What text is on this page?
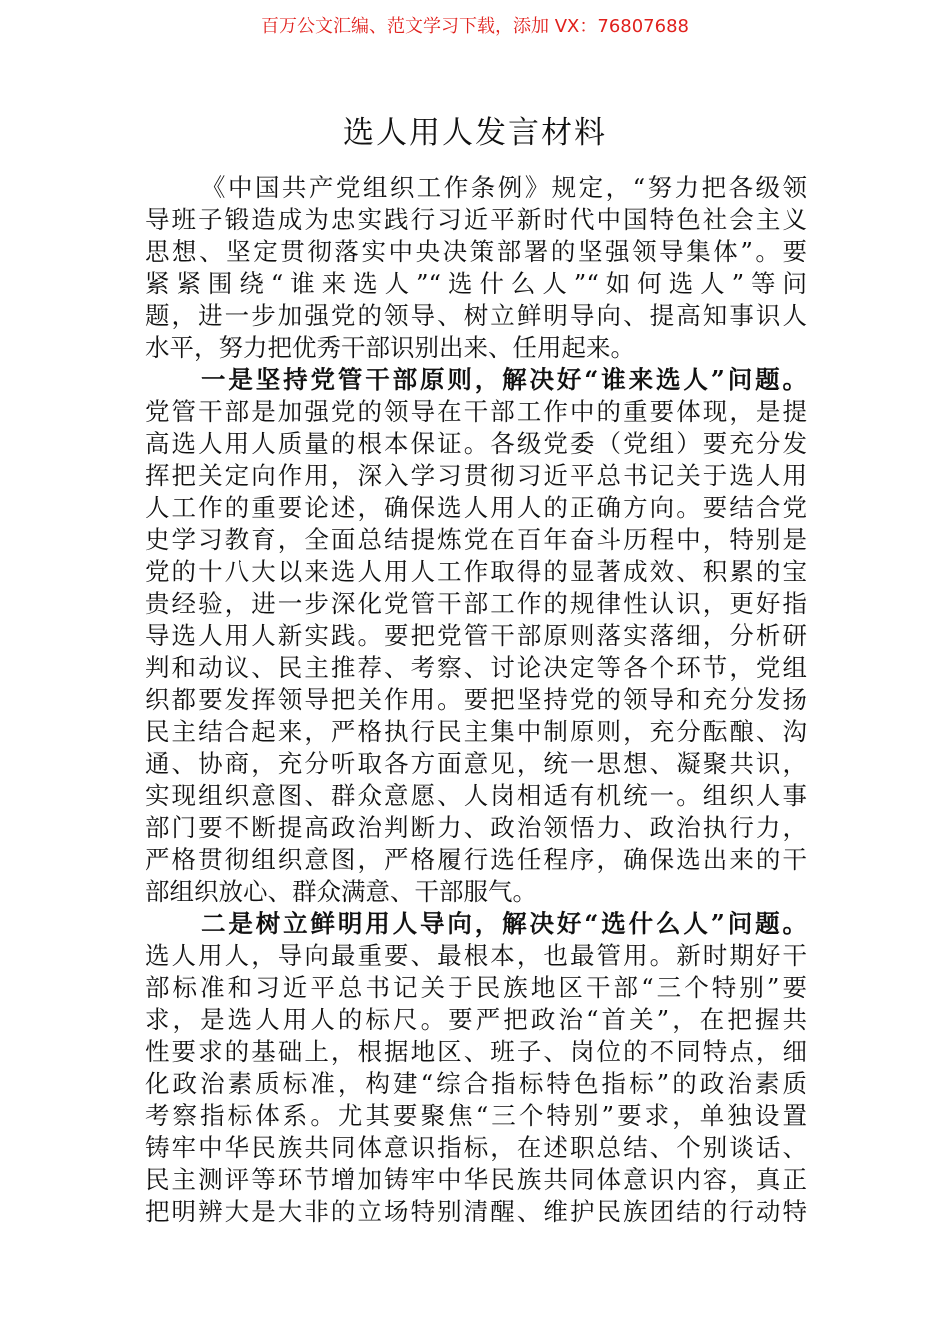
百万公文汇编、范文学习下载，添加 VX：76807688
选人用人发言材料
《中国共产党组织工作条例》规定，“努力把各级领
导班子锻造成为忠实践行习近平新时代中国特色社会主义
思想、坚定贯彻落实中央决策部署的坚强领导集体”。要
紧紧围绕“谁来选人”“选什么人”“如何选人”等问
题，进一步加强党的领导、树立鲜明导向、提高知事识人
水平，努力把优秀干部识别出来、任用起来。
一是坚持党管干部原则，解决好“谁来选人”问题。
党管干部是加强党的领导在干部工作中的重要体现，是提
高选人用人质量的根本保证。各级党委（党组）要充分发
挥把关定向作用，深入学习贯彻习近平总书记关于选人用
人工作的重要论述，确保选人用人的正确方向。要结合党
史学习教育，全面总结提炼党在百年奋斗历程中，特别是
党的十八大以来选人用人工作取得的显著成效、积累的宝
贵经验，进一步深化党管干部工作的规律性认识，更好指
导选人用人新实践。要把党管干部原则落实落细，分析研
判和动议、民主推荐、考察、讨论决定等各个环节，党组
织都要发挥领导把关作用。要把坚持党的领导和充分发扬
民主结合起来，严格执行民主集中制原则，充分酝酿、沟
通、协商，充分听取各方面意见，统一思想、凝聚共识，
实现组织意图、群众意愿、人岗相适有机统一。组织人事
部门要不断提高政治判断力、政治领悟力、政治执行力，
严格贯彻组织意图，严格履行选任程序，确保选出来的干
部组织放心、群众满意、干部服气。
二是树立鲜明用人导向，解决好“选什么人”问题。
选人用人，导向最重要、最根本，也最管用。新时期好干
部标准和习近平总书记关于民族地区干部“三个特别”要
求，是选人用人的标尺。要严把政治“首关”，在把握共
性要求的基础上，根据地区、班子、岗位的不同特点，细
化政治素质标准，构建“综合指标特色指标”的政治素质
考察指标体系。尤其要聚焦“三个特别”要求，单独设置
铸牢中华民族共同体意识指标，在述职总结、个别谈话、
民主测评等环节增加铸牢中华民族共同体意识内容，真正
把明辨大是大非的立场特别清醒、维护民族团结的行动特
